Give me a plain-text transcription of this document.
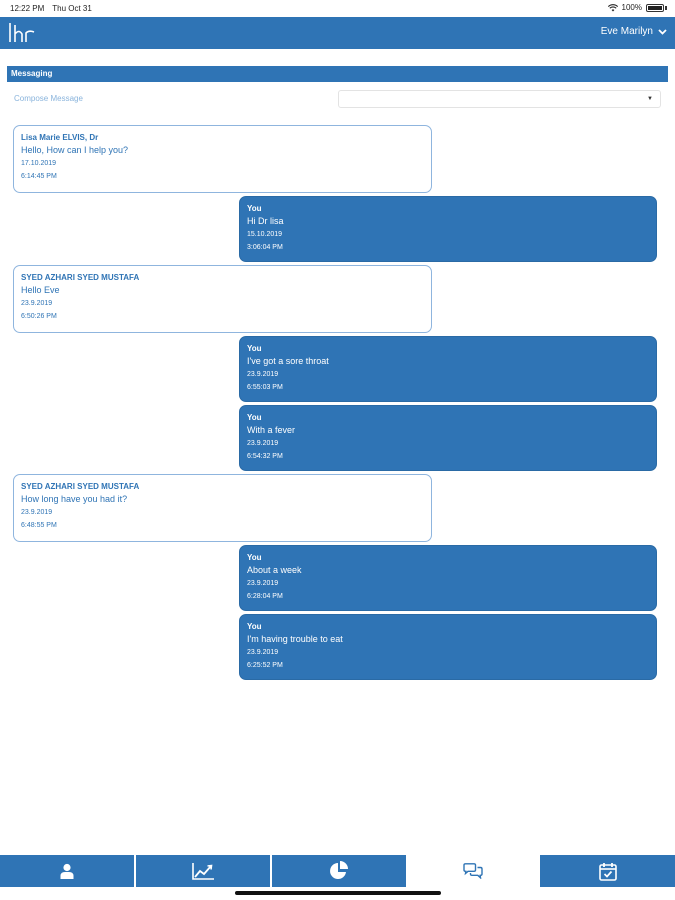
12:22 PM Thu Oct 31	100%
Eve Marilyn
Messaging
Compose Message	▼
Lisa Marie ELVIS, Dr
Hello, How can I help you?
17.10.2019
6:14:45 PM
You
Hi Dr lisa
15.10.2019
3:06:04 PM
SYED AZHARI SYED MUSTAFA
Hello Eve
23.9.2019
6:50:26 PM
You
I've got a sore throat
23.9.2019
6:55:03 PM
You
With a fever
23.9.2019
6:54:32 PM
SYED AZHARI SYED MUSTAFA
How long have you had it?
23.9.2019
6:48:55 PM
You
About a week
23.9.2019
6:28:04 PM
You
I'm having trouble to eat
23.9.2019
6:25:52 PM
